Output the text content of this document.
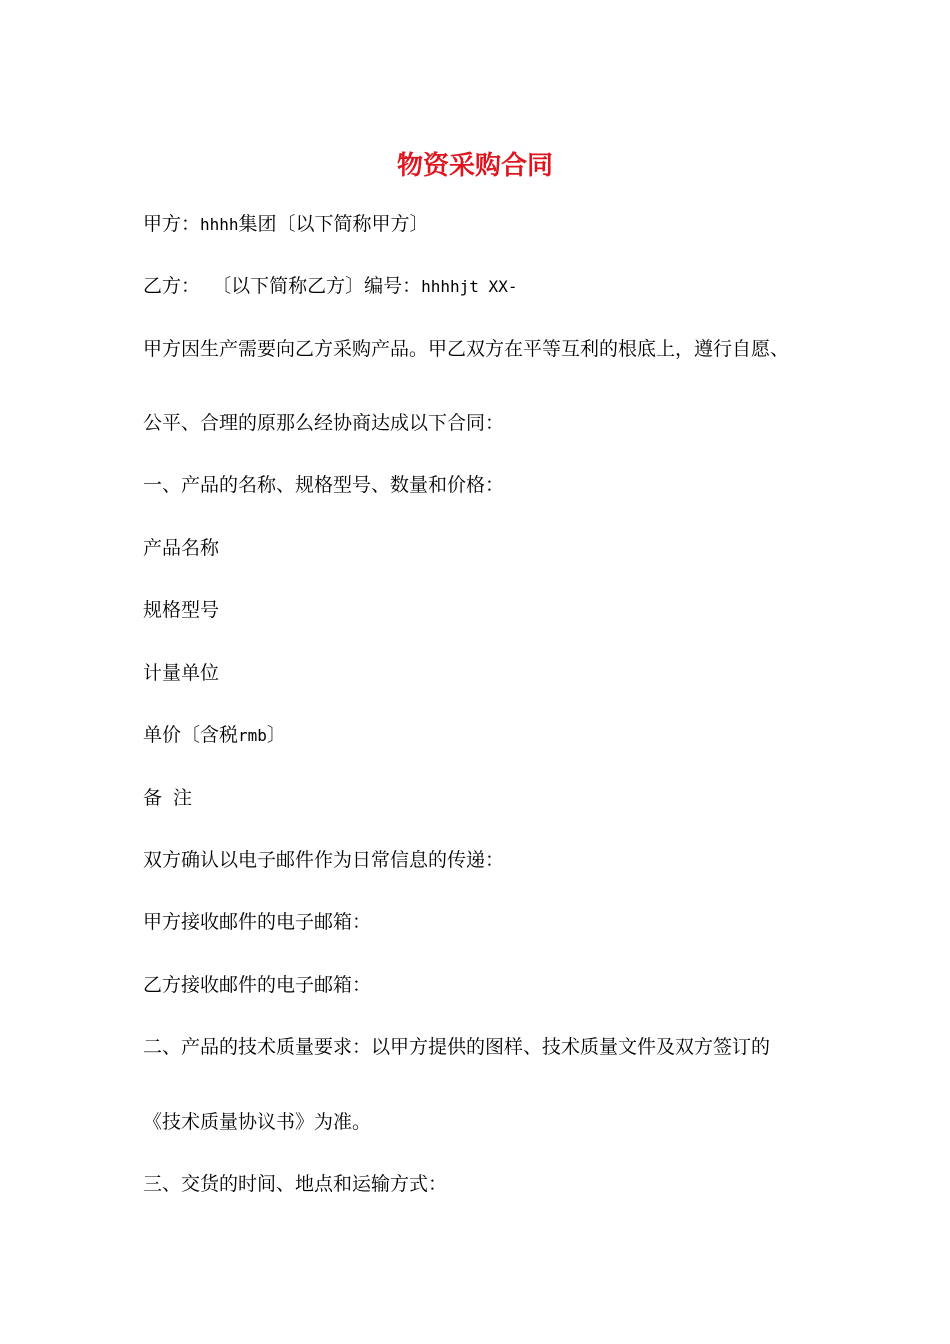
物资采购合同

甲方：hhhh集团〔以下简称甲方〕

乙方： 〔以下简称乙方〕编号：hhhhjt XX-

甲方因生产需要向乙方采购产品。甲乙双方在平等互利的根底上，遵行自愿、

公平、合理的原那么经协商达成以下合同：

一、产品的名称、规格型号、数量和价格：

产品名称

规格型号

计量单位

单价〔含税rmb〕

备注

双方确认以电子邮件作为日常信息的传递：

甲方接收邮件的电子邮箱：

乙方接收邮件的电子邮箱：

二、产品的技术质量要求：以甲方提供的图样、技术质量文件及双方签订的

《技术质量协议书》为准。

三、交货的时间、地点和运输方式：
